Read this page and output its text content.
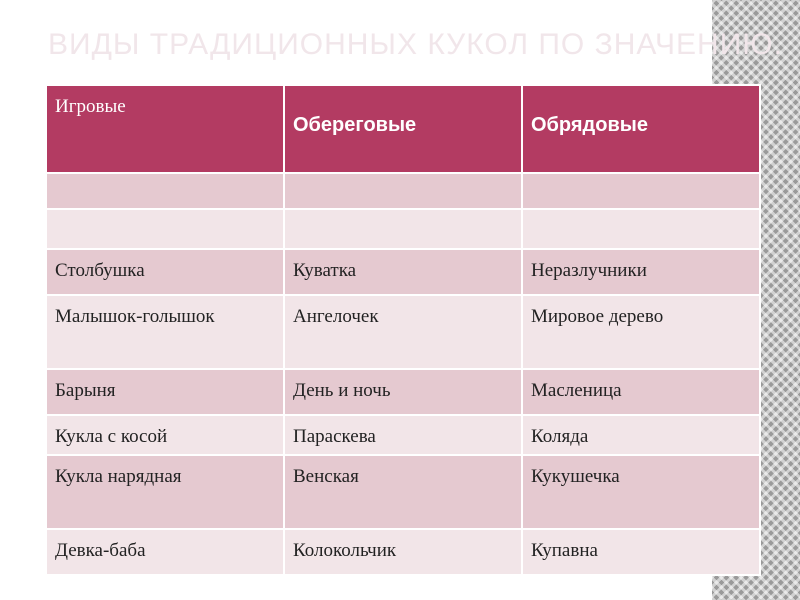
ВИДЫ ТРАДИЦИОННЫХ КУКОЛ ПО ЗНАЧЕНИЮ.
Игровые	Обереговые	Обрядовые

Столбушка	Куватка	Неразлучники
Малышок-голышок	Ангелочек	Мировое дерево
Барыня	День и ночь	Масленица
Кукла с косой	Параскева	Коляда
Кукла нарядная	Венская	Кукушечка
Девка-баба	Колокольчик	Купавна
